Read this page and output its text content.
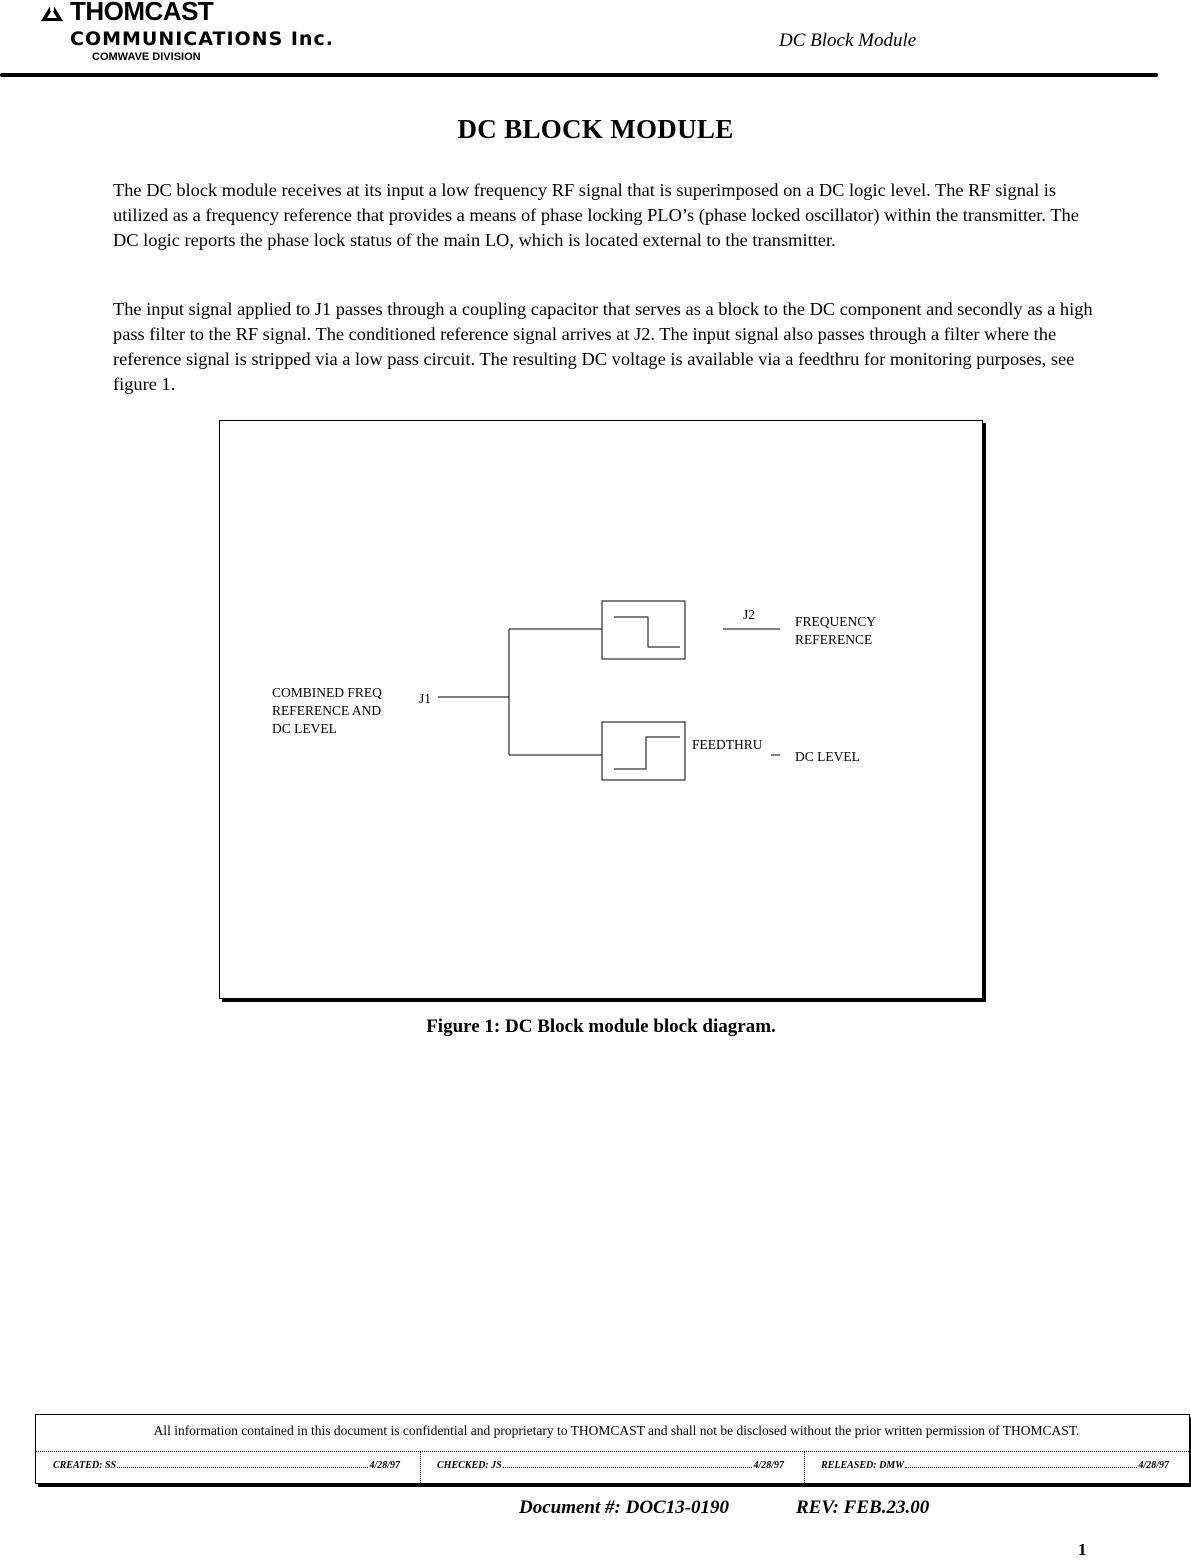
THOMCAST
COMMUNICATIONS Inc.
COMWAVE DIVISION
DC Block Module
DC BLOCK MODULE
The DC block module receives at its input a low frequency RF signal that is superimposed on a DC logic level. The RF signal is utilized as a frequency reference that provides a means of phase locking PLO’s (phase locked oscillator) within the transmitter. The DC logic reports the phase lock status of the main LO, which is located external to the transmitter.
The input signal applied to J1 passes through a coupling capacitor that serves as a block to the DC component and secondly as a high pass filter to the RF signal. The conditioned reference signal arrives at J2. The input signal also passes through a filter where the reference signal is stripped via a low pass circuit. The resulting DC voltage is available via a feedthru for monitoring purposes, see figure 1.
COMBINED FREQ
REFERENCE AND
DC LEVEL
J1
J2
FEEDTHRU
FREQUENCY
REFERENCE
DC LEVEL
Figure 1: DC Block module block diagram.
All information contained in this document is confidential and proprietary to THOMCAST and shall not be disclosed without the prior written permission of THOMCAST.
CREATED: SS	4/28/97	CHECKED: JS	4/28/97	RELEASED: DMW	4/28/97
Document #: DOC13-0190	REV: FEB.23.00
1
